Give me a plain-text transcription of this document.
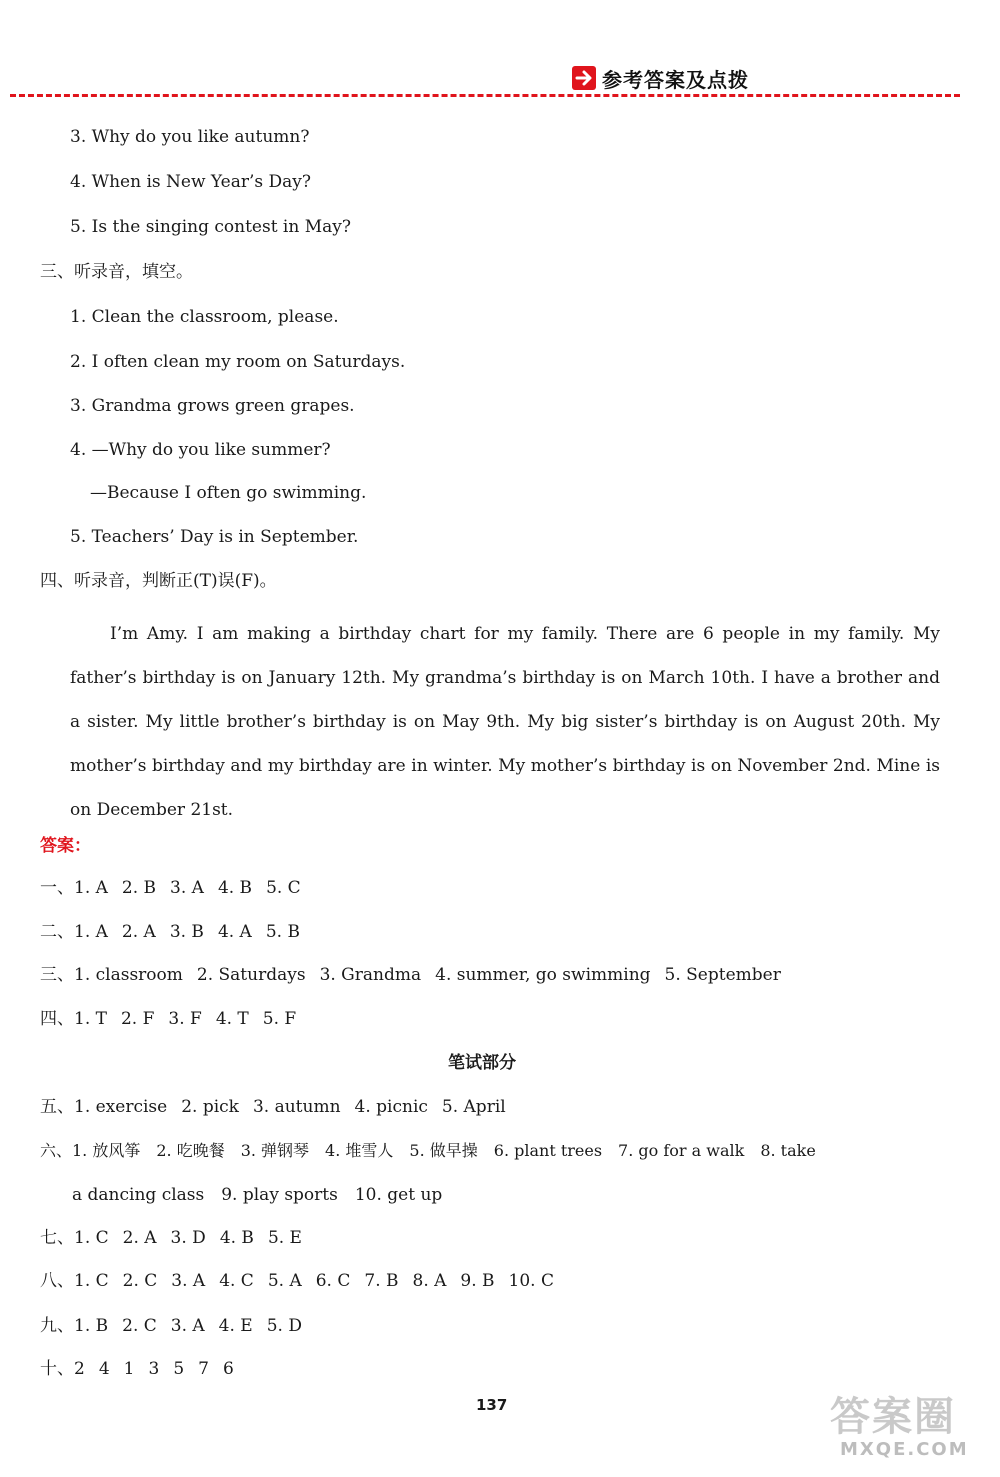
参考答案及点拨
3. Why do you like autumn?
4. When is New Year’s Day?
5. Is the singing contest in May?
三、听录音，填空。
1. Clean the classroom, please.
2. I often clean my room on Saturdays.
3. Grandma grows green grapes.
4. —Why do you like summer?
—Because I often go swimming.
5. Teachers’ Day is in September.
四、听录音，判断正(T)误(F)。
I’m Amy. I am making a birthday chart for my family. There are 6 people in my family. My father’s birthday is on January 12th. My grandma’s birthday is on March 10th. I have a brother and a sister. My little brother’s birthday is on May 9th. My big sister’s birthday is on August 20th. My mother’s birthday and my birthday are in winter. My mother’s birthday is on November 2nd. Mine is on December 21st.
答案：
一、1. A 2. B 3. A 4. B 5. C
二、1. A 2. A 3. B 4. A 5. B
三、1. classroom 2. Saturdays 3. Grandma 4. summer, go swimming 5. September
四、1. T 2. F 3. F 4. T 5. F
笔试部分
五、1. exercise 2. pick 3. autumn 4. picnic 5. April
六、1. 放风筝　2. 吃晚餐　3. 弹钢琴　4. 堆雪人　5. 做早操　6. plant trees　7. go for a walk　8. take
a dancing class　9. play sports　10. get up
七、1. C 2. A 3. D 4. B 5. E
八、1. C 2. C 3. A 4. C 5. A 6. C 7. B 8. A 9. B 10. C
九、1. B 2. C 3. A 4. E 5. D
十、2 4 1 3 5 7 6
137	答案圈
MXQE.COM
